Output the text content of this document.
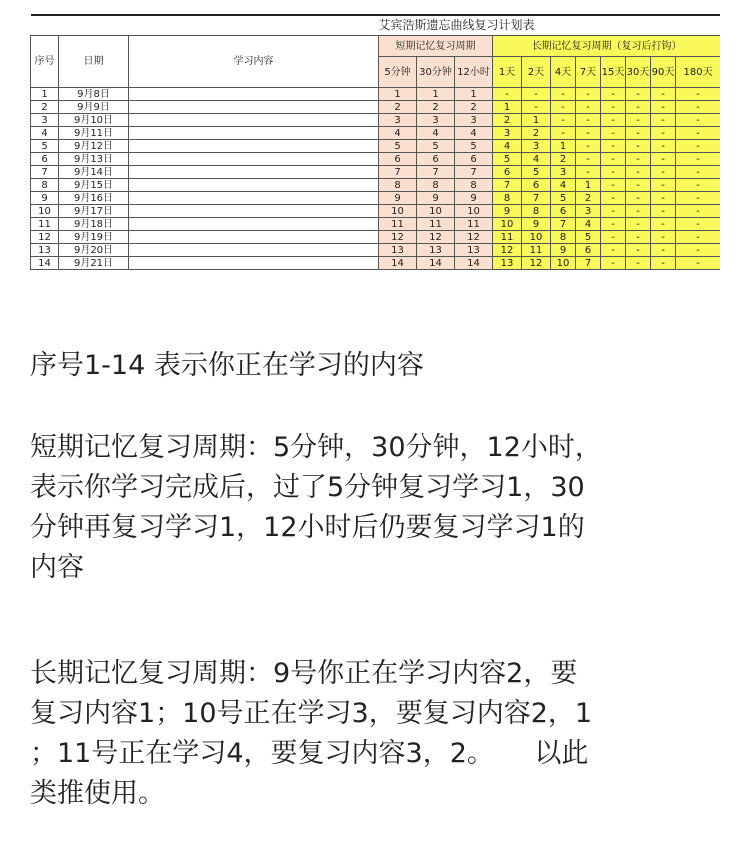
			艾宾浩斯遗忘曲线复习计划表										
序号	日期	学习内容	短期记忆复习周期			长期记忆复习周期（复习后打钩）							
			5分钟	30分钟	12小时	1天	2天	4天	7天	15天	30天	90天	180天
1	9月8日		1	1	1	-	-	-	-	-	-	-	-
2	9月9日		2	2	2	1	-	-	-	-	-	-	-
3	9月10日		3	3	3	2	1	-	-	-	-	-	-
4	9月11日		4	4	4	3	2	-	-	-	-	-	-
5	9月12日		5	5	5	4	3	1	-	-	-	-	-
6	9月13日		6	6	6	5	4	2	-	-	-	-	-
7	9月14日		7	7	7	6	5	3	-	-	-	-	-
8	9月15日		8	8	8	7	6	4	1	-	-	-	-
9	9月16日		9	9	9	8	7	5	2	-	-	-	-
10	9月17日		10	10	10	9	8	6	3	-	-	-	-
11	9月18日		11	11	11	10	9	7	4	-	-	-	-
12	9月19日		12	12	12	11	10	8	5	-	-	-	-
13	9月20日		13	13	13	12	11	9	6	-	-	-	-
14	9月21日		14	14	14	13	12	10	7	-	-	-	-
序号1-14 表示你正在学习的内容
短期记忆复习周期：5分钟，30分钟，12小时，
表示你学习完成后，过了5分钟复习学习1，30
分钟再复习学习1，12小时后仍要复习学习1的
内容
长期记忆复习周期：9号你正在学习内容2，要
复习内容1；10号正在学习3，要复习内容2，1
；11号正在学习4，要复习内容3，2。　　以此
类推使用。
